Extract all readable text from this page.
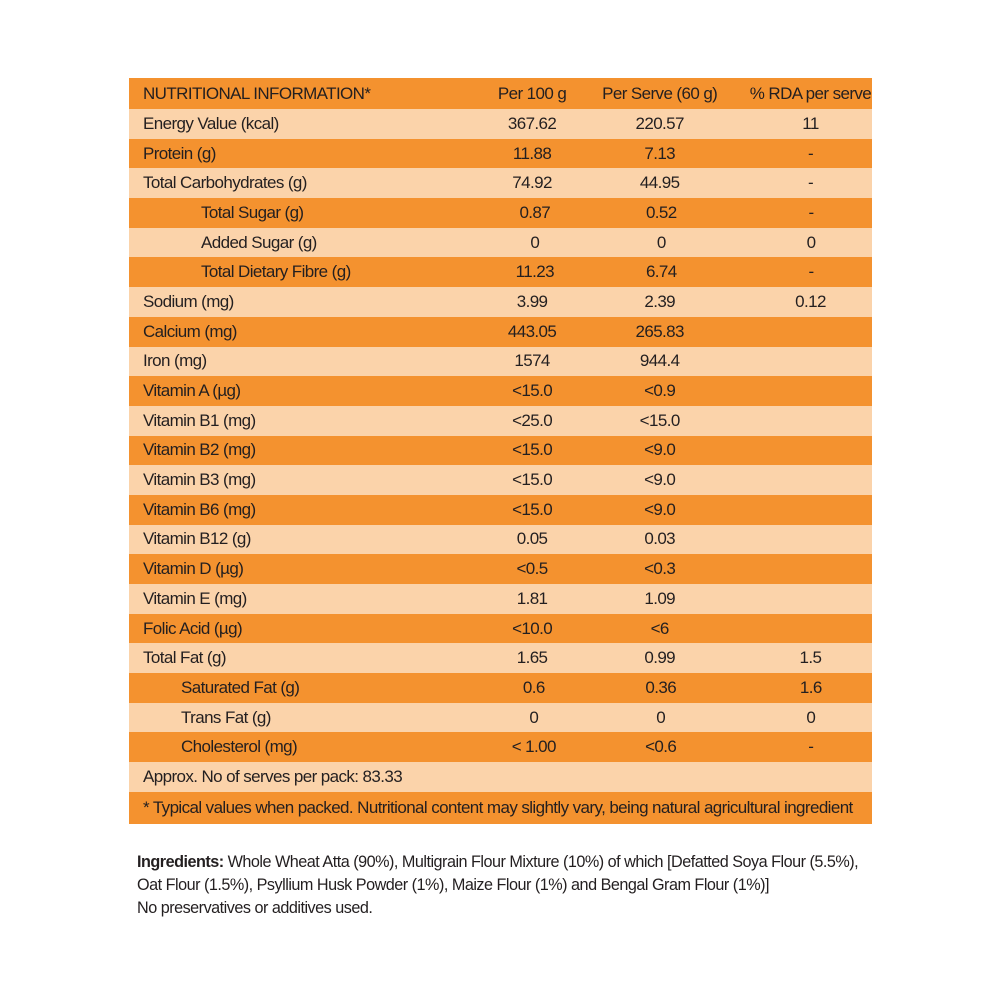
NUTRITIONAL INFORMATION*	Per 100 g	Per Serve (60 g)	% RDA per serve
Energy Value (kcal)	367.62	220.57	11
Protein (g)	11.88	7.13	-
Total Carbohydrates (g)	74.92	44.95	-
Total Sugar (g)	0.87	0.52	-
Added Sugar (g)	0	0	0
Total Dietary Fibre (g)	11.23	6.74	-
Sodium (mg)	3.99	2.39	0.12
Calcium (mg)	443.05	265.83
Iron (mg)	1574	944.4
Vitamin A (µg)	<15.0	<0.9
Vitamin B1 (mg)	<25.0	<15.0
Vitamin B2 (mg)	<15.0	<9.0
Vitamin B3 (mg)	<15.0	<9.0
Vitamin B6 (mg)	<15.0	<9.0
Vitamin B12 (g)	0.05	0.03
Vitamin D (µg)	<0.5	<0.3
Vitamin E (mg)	1.81	1.09
Folic Acid (µg)	<10.0	<6
Total Fat (g)	1.65	0.99	1.5
Saturated Fat (g)	0.6	0.36	1.6
Trans Fat (g)	0	0	0
Cholesterol (mg)	< 1.00	<0.6	-
Approx. No of serves per pack: 83.33
* Typical values when packed. Nutritional content may slightly vary, being natural agricultural ingredient
Ingredients: Whole Wheat Atta (90%), Multigrain Flour Mixture (10%) of which [Defatted Soya Flour (5.5%), Oat Flour (1.5%), Psyllium Husk Powder (1%), Maize Flour (1%) and Bengal Gram Flour (1%)]
No preservatives or additives used.
